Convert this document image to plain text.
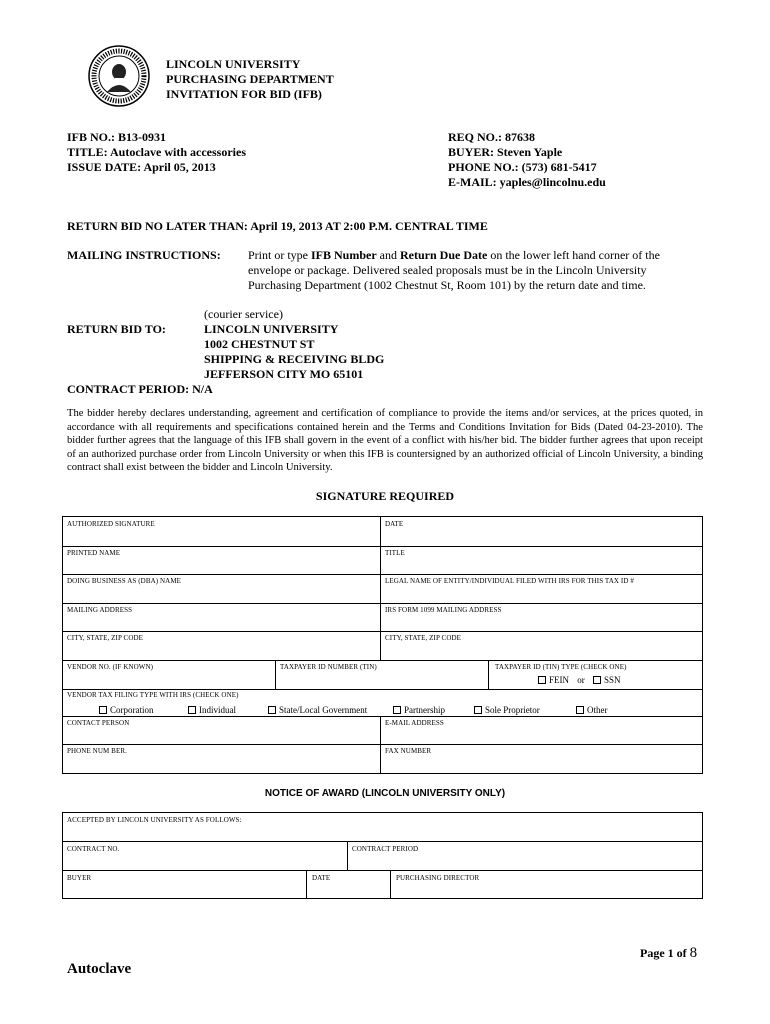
LINCOLN UNIVERSITY
PURCHASING DEPARTMENT
INVITATION FOR BID (IFB)
IFB NO.: B13-0931
TITLE: Autoclave with accessories
ISSUE DATE: April 05, 2013
REQ NO.: 87638
BUYER: Steven Yaple
PHONE NO.: (573) 681-5417
E-MAIL: yaples@lincolnu.edu
RETURN BID NO LATER THAN: April 19, 2013 AT 2:00 P.M. CENTRAL TIME
MAILING INSTRUCTIONS: Print or type IFB Number and Return Due Date on the lower left hand corner of the
envelope or package. Delivered sealed proposals must be in the Lincoln University
Purchasing Department (1002 Chestnut St, Room 101) by the return date and time.
(courier service)
RETURN BID TO:	LINCOLN UNIVERSITY
1002 CHESTNUT ST
SHIPPING & RECEIVING BLDG
JEFFERSON CITY MO 65101
CONTRACT PERIOD: N/A
The bidder hereby declares understanding, agreement and certification of compliance to provide the items and/or services, at the prices quoted, in accordance with all requirements and specifications contained herein and the Terms and Conditions Invitation for Bids (Dated 04-23-2010). The bidder further agrees that the language of this IFB shall govern in the event of a conflict with his/her bid. The bidder further agrees that upon receipt of an authorized purchase order from Lincoln University or when this IFB is countersigned by an authorized official of Lincoln University, a binding contract shall exist between the bidder and Lincoln University.
SIGNATURE REQUIRED
AUTHORIZED SIGNATURE	DATE
PRINTED NAME	TITLE
DOING BUSINESS AS (DBA) NAME	LEGAL NAME OF ENTITY/INDIVIDUAL FILED WITH IRS FOR THIS TAX ID #
MAILING ADDRESS	IRS FORM 1099 MAILING ADDRESS
CITY, STATE, ZIP CODE	CITY, STATE, ZIP CODE
VENDOR NO. (IF KNOWN)	TAXPAYER ID NUMBER (TIN)	TAXPAYER ID (TIN) TYPE (CHECK ONE)
FEIN or SSN
VENDOR TAX FILING TYPE WITH IRS (CHECK ONE)
Corporation	Individual	State/Local Government	Partnership	Sole Proprietor	Other
CONTACT PERSON	E-MAIL ADDRESS
PHONE NUM BER.	FAX NUMBER
NOTICE OF AWARD (LINCOLN UNIVERSITY ONLY)
ACCEPTED BY LINCOLN UNIVERSITY AS FOLLOWS:
CONTRACT NO.	CONTRACT PERIOD
BUYER	DATE	PURCHASING DIRECTOR
Page 1 of 8
Autoclave
